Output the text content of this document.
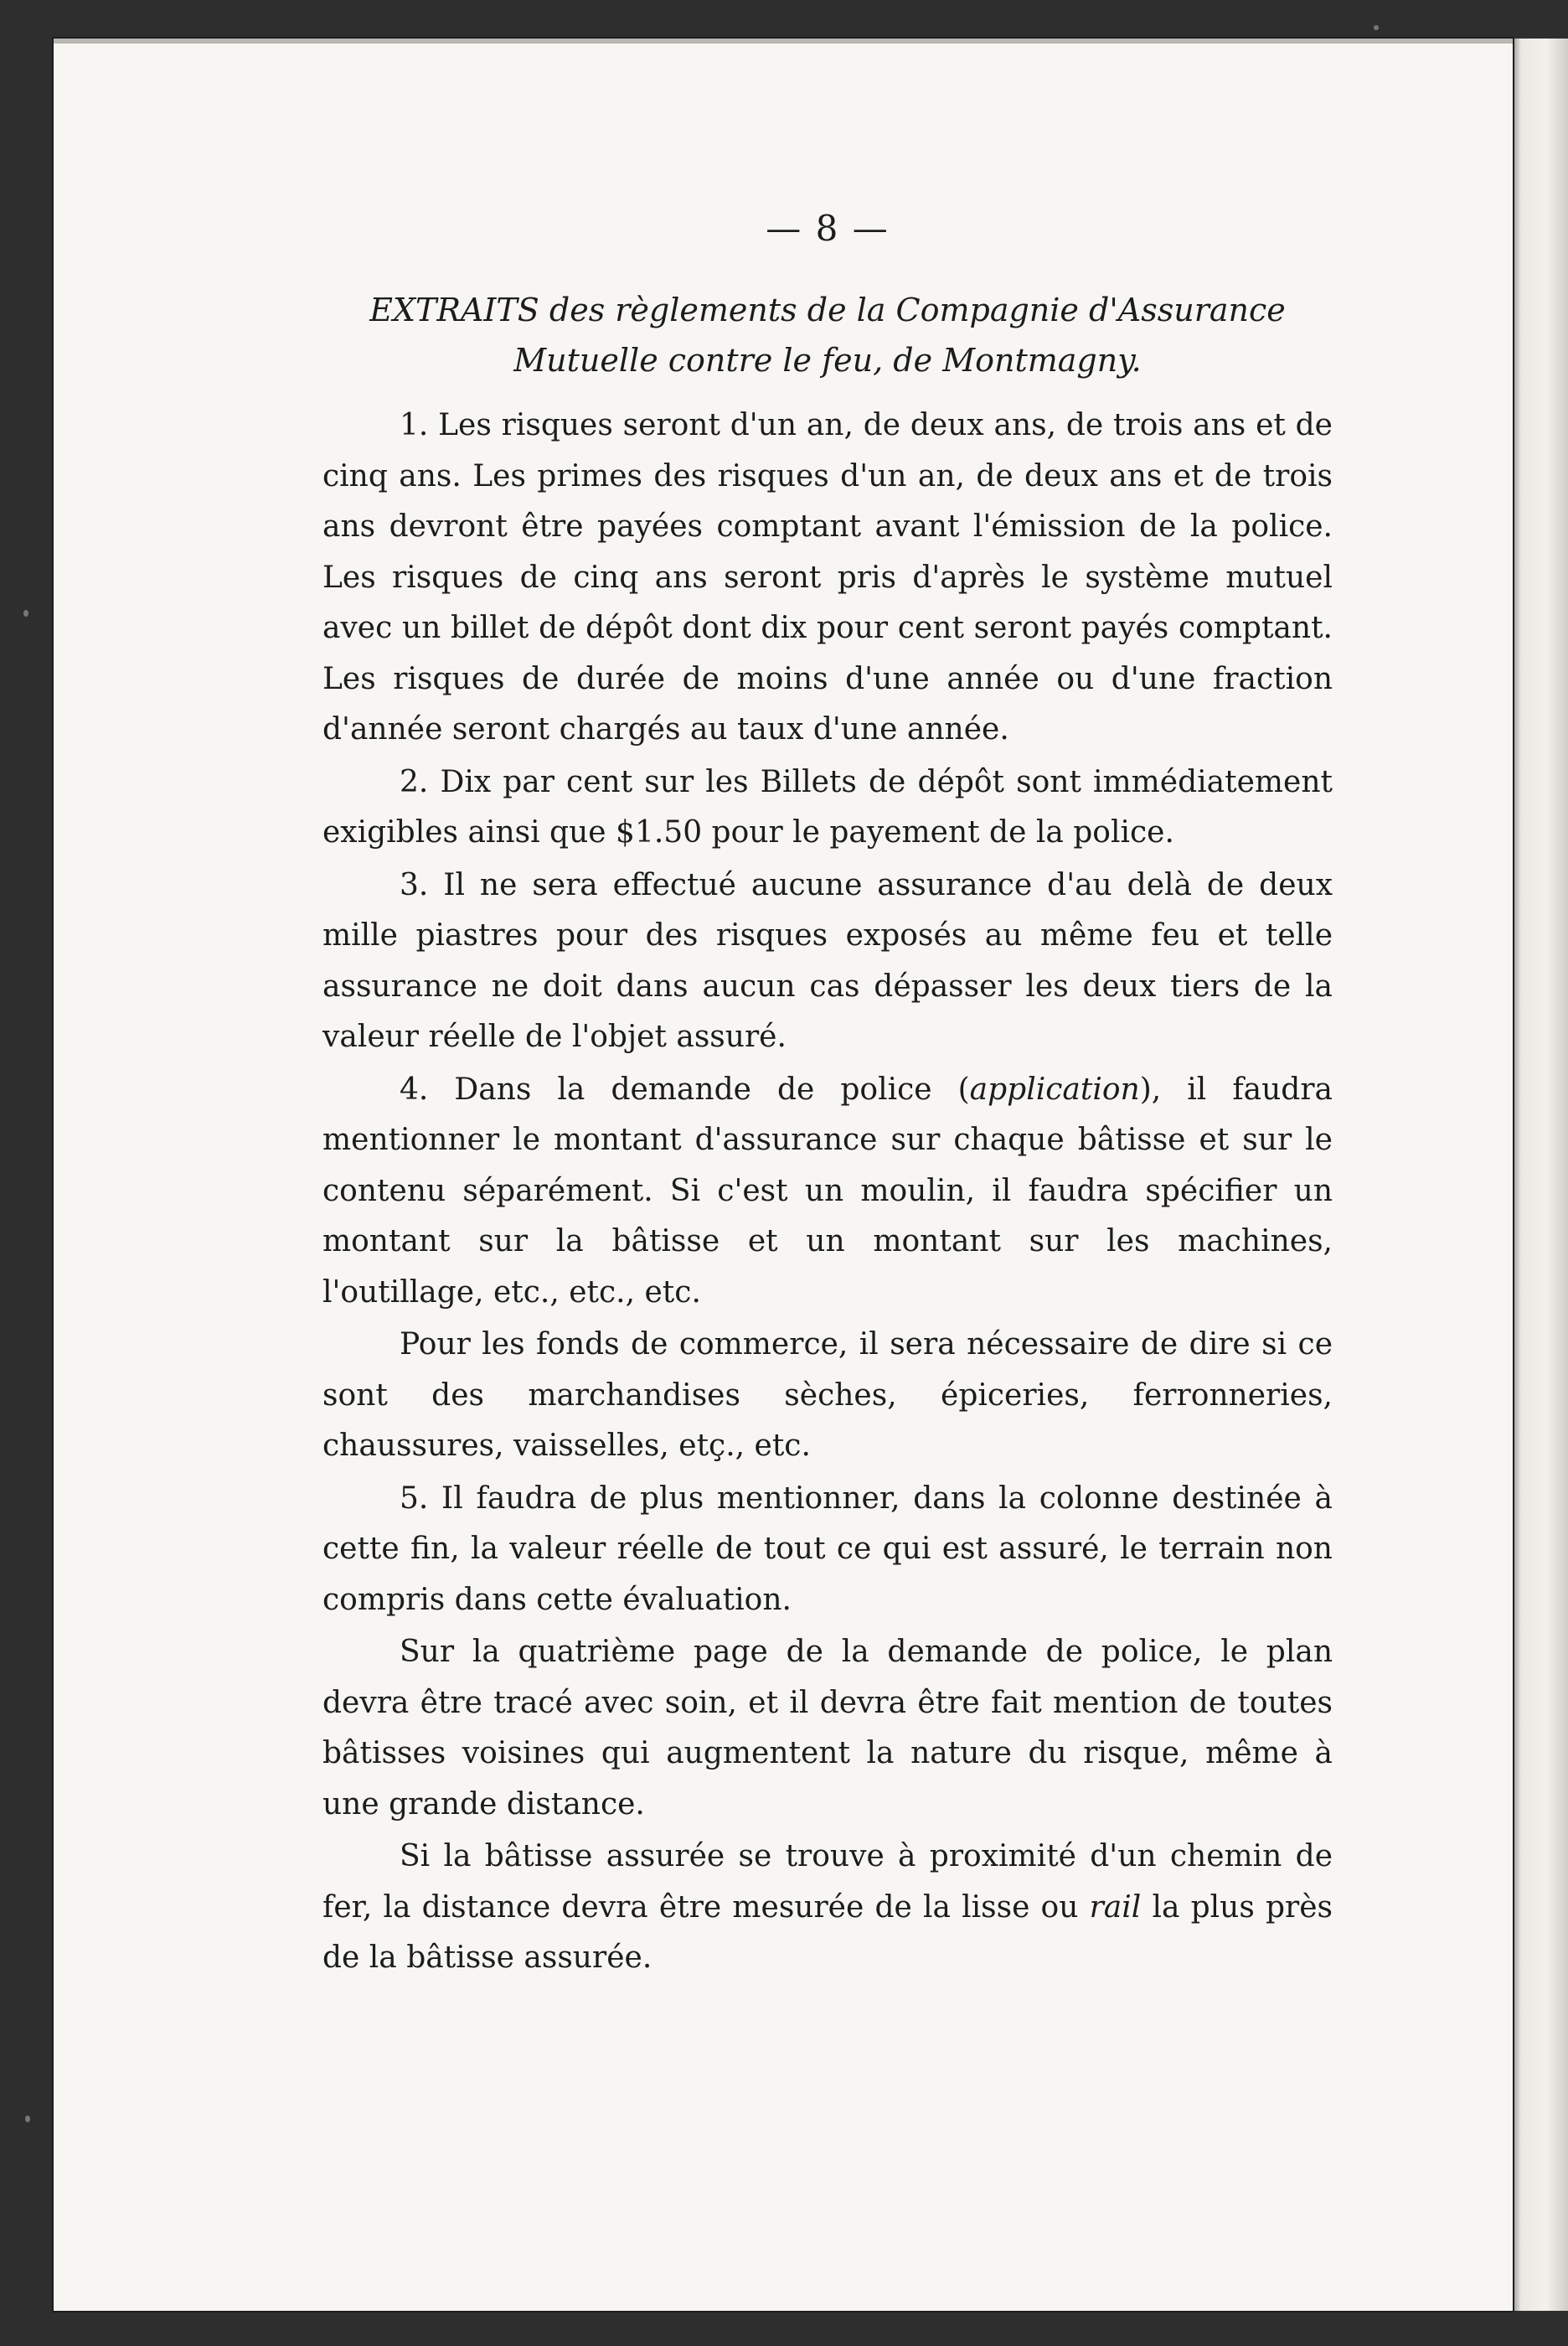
— 8 —
EXTRAITS des règlements de la Compagnie d'Assurance
Mutuelle contre le feu, de Montmagny.

1. Les risques seront d'un an, de deux ans, de trois ans et de cinq ans. Les primes des risques d'un an, de deux ans et de trois ans devront être payées comptant avant l'émission de la police. Les risques de cinq ans seront pris d'après le système mutuel avec un billet de dépôt dont dix pour cent seront payés comptant. Les risques de durée de moins d'une année ou d'une fraction d'année seront chargés au taux d'une année.

2. Dix par cent sur les Billets de dépôt sont immédiatement exigibles ainsi que $1.50 pour le payement de la police.

3. Il ne sera effectué aucune assurance d'au delà de deux mille piastres pour des risques exposés au même feu et telle assurance ne doit dans aucun cas dépasser les deux tiers de la valeur réelle de l'objet assuré.

4. Dans la demande de police (application), il faudra mentionner le montant d'assurance sur chaque bâtisse et sur le contenu séparément. Si c'est un moulin, il faudra spécifier un montant sur la bâtisse et un montant sur les machines, l'outillage, etc., etc., etc.

Pour les fonds de commerce, il sera nécessaire de dire si ce sont des marchandises sèches, épiceries, ferronneries, chaussures, vaisselles, etç., etc.

5. Il faudra de plus mentionner, dans la colonne destinée à cette fin, la valeur réelle de tout ce qui est assuré, le terrain non compris dans cette évaluation.

Sur la quatrième page de la demande de police, le plan devra être tracé avec soin, et il devra être fait mention de toutes bâtisses voisines qui augmentent la nature du risque, même à une grande distance.

Si la bâtisse assurée se trouve à proximité d'un chemin de fer, la distance devra être mesurée de la lisse ou rail la plus près de la bâtisse assurée.
